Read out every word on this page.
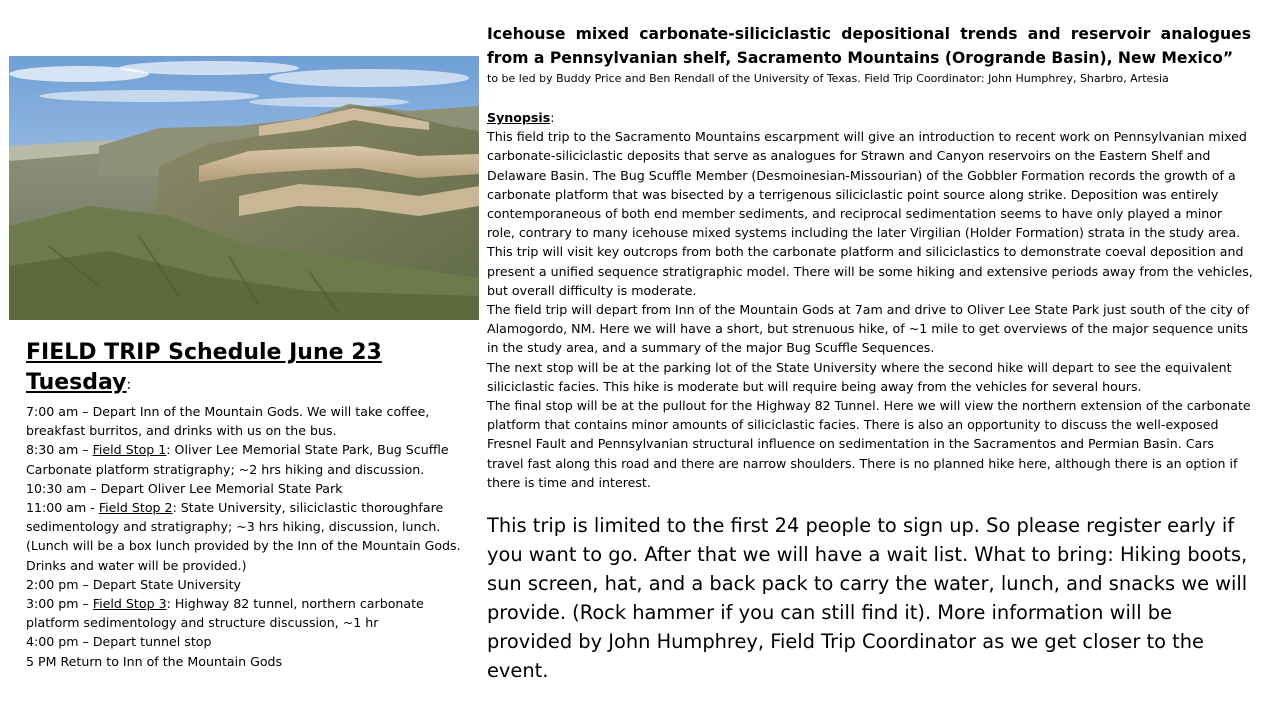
Icehouse mixed carbonate-siliciclastic depositional trends and reservoir analogues from a Pennsylvanian shelf, Sacramento Mountains (Orogrande Basin), New Mexico”
to be led by Buddy Price and Ben Rendall of the University of Texas. Field Trip Coordinator: John Humphrey, Sharbro, Artesia

Synopsis:

This field trip to the Sacramento Mountains escarpment will give an introduction to recent work on Pennsylvanian mixed carbonate-siliciclastic deposits that serve as analogues for Strawn and Canyon reservoirs on the Eastern Shelf and Delaware Basin. The Bug Scuffle Member (Desmoinesian-Missourian) of the Gobbler Formation records the growth of a carbonate platform that was bisected by a terrigenous siliciclastic point source along strike. Deposition was entirely contemporaneous of both end member sediments, and reciprocal sedimentation seems to have only played a minor role, contrary to many icehouse mixed systems including the later Virgilian (Holder Formation) strata in the study area. This trip will visit key outcrops from both the carbonate platform and siliciclastics to demonstrate coeval deposition and present a unified sequence stratigraphic model. There will be some hiking and extensive periods away from the vehicles, but overall difficulty is moderate.

The field trip will depart from Inn of the Mountain Gods at 7am and drive to Oliver Lee State Park just south of the city of Alamogordo, NM. Here we will have a short, but strenuous hike, of ~1 mile to get overviews of the major sequence units in the study area, and a summary of the major Bug Scuffle Sequences.

The next stop will be at the parking lot of the State University where the second hike will depart to see the equivalent siliciclastic facies. This hike is moderate but will require being away from the vehicles for several hours.

The final stop will be at the pullout for the Highway 82 Tunnel. Here we will view the northern extension of the carbonate platform that contains minor amounts of siliciclastic facies. There is also an opportunity to discuss the well-exposed Fresnel Fault and Pennsylvanian structural influence on sedimentation in the Sacramentos and Permian Basin. Cars travel fast along this road and there are narrow shoulders. There is no planned hike here, although there is an option if there is time and interest.

This trip is limited to the first 24 people to sign up. So please register early if you want to go. After that we will have a wait list. What to bring: Hiking boots, sun screen, hat, and a back pack to carry the water, lunch, and snacks we will provide. (Rock hammer if you can still find it). More information will be provided by John Humphrey, Field Trip Coordinator as we get closer to the event.
FIELD TRIP Schedule June 23 Tuesday:
7:00 am – Depart Inn of the Mountain Gods. We will take coffee, breakfast burritos, and drinks with us on the bus.
8:30 am – Field Stop 1: Oliver Lee Memorial State Park, Bug Scuffle Carbonate platform stratigraphy; ~2 hrs hiking and discussion.
10:30 am – Depart Oliver Lee Memorial State Park
11:00 am - Field Stop 2: State University, siliciclastic thoroughfare sedimentology and stratigraphy; ~3 hrs hiking, discussion, lunch. (Lunch will be a box lunch provided by the Inn of the Mountain Gods. Drinks and water will be provided.)
2:00 pm – Depart State University
3:00 pm – Field Stop 3: Highway 82 tunnel, northern carbonate platform sedimentology and structure discussion, ~1 hr
4:00 pm – Depart tunnel stop
5 PM Return to Inn of the Mountain Gods
